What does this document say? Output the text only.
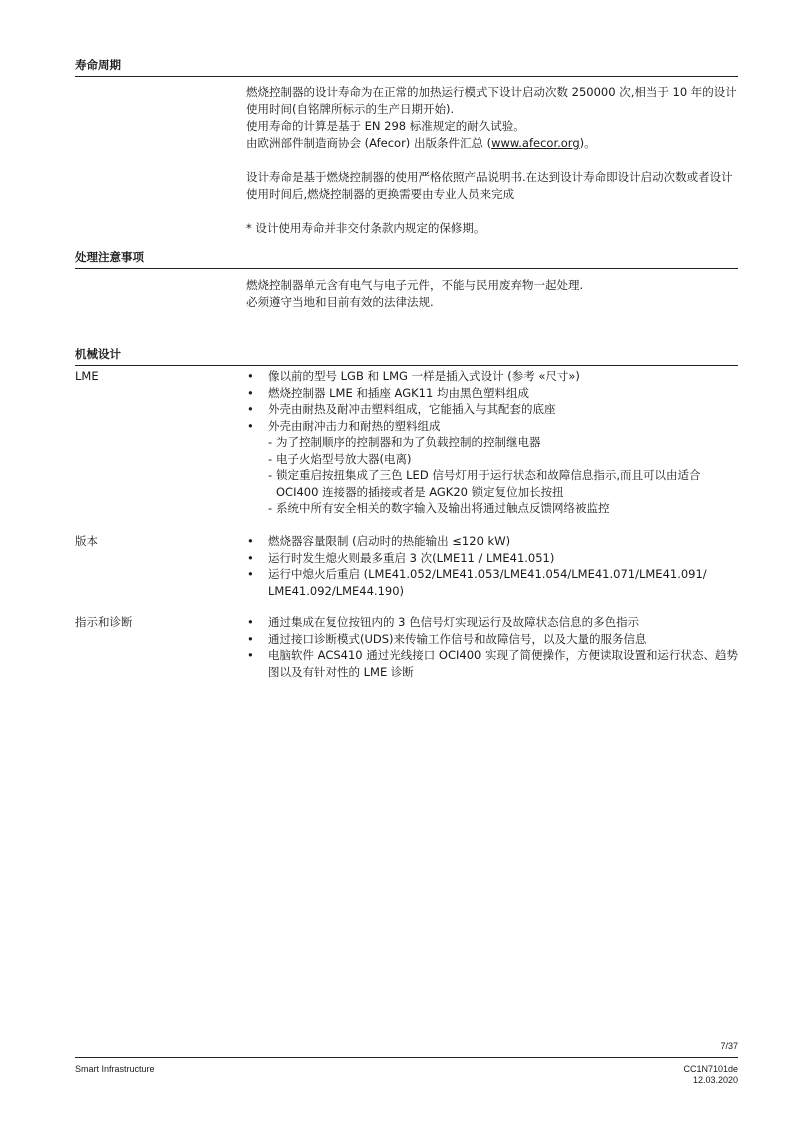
寿命周期

燃烧控制器的设计寿命为在正常的加热运行模式下设计启动次数 250000 次,相当于 10 年的设计使用时间(自铭牌所标示的生产日期开始).

使用寿命的计算是基于 EN 298 标准规定的耐久试验。

由欧洲部件制造商协会 (Afecor) 出版条件汇总 (www.afecor.org)。

设计寿命是基于燃烧控制器的使用严格依照产品说明书.在达到设计寿命即设计启动次数或者设计使用时间后,燃烧控制器的更换需要由专业人员来完成

* 设计使用寿命并非交付条款内规定的保修期。

处理注意事项

燃烧控制器单元含有电气与电子元件，不能与民用废弃物一起处理.

必须遵守当地和目前有效的法律法规.

机械设计
LME	• 像以前的型号 LGB 和 LMG 一样是插入式设计 (参考 «尺寸»)
• 燃烧控制器 LME 和插座 AGK11 均由黑色塑料组成
• 外壳由耐热及耐冲击塑料组成，它能插入与其配套的底座
• 外壳由耐冲击力和耐热的塑料组成
- 为了控制顺序的控制器和为了负载控制的控制继电器
- 电子火焰型号放大器(电离)
- 锁定重启按扭集成了三色 LED 信号灯用于运行状态和故障信息指示,而且可以由适合 OCI400 连接器的插接或者是 AGK20 锁定复位加长按扭
- 系统中所有安全相关的数字输入及输出将通过触点反馈网络被监控
版本	• 燃烧器容量限制 (启动时的热能输出 ≤120 kW)
• 运行时发生熄火则最多重启 3 次(LME11 / LME41.051)
• 运行中熄火后重启 (LME41.052/LME41.053/LME41.054/LME41.071/LME41.091/ LME41.092/LME44.190)
指示和诊断	• 通过集成在复位按钮内的 3 色信号灯实现运行及故障状态信息的多色指示
• 通过接口诊断模式(UDS)来传输工作信号和故障信号，以及大量的服务信息
• 电脑软件 ACS410 通过光线接口 OCI400 实现了简便操作，方便读取设置和运行状态、趋势图以及有针对性的 LME 诊断
7/37
Smart Infrastructure	CC1N7101de
12.03.2020
